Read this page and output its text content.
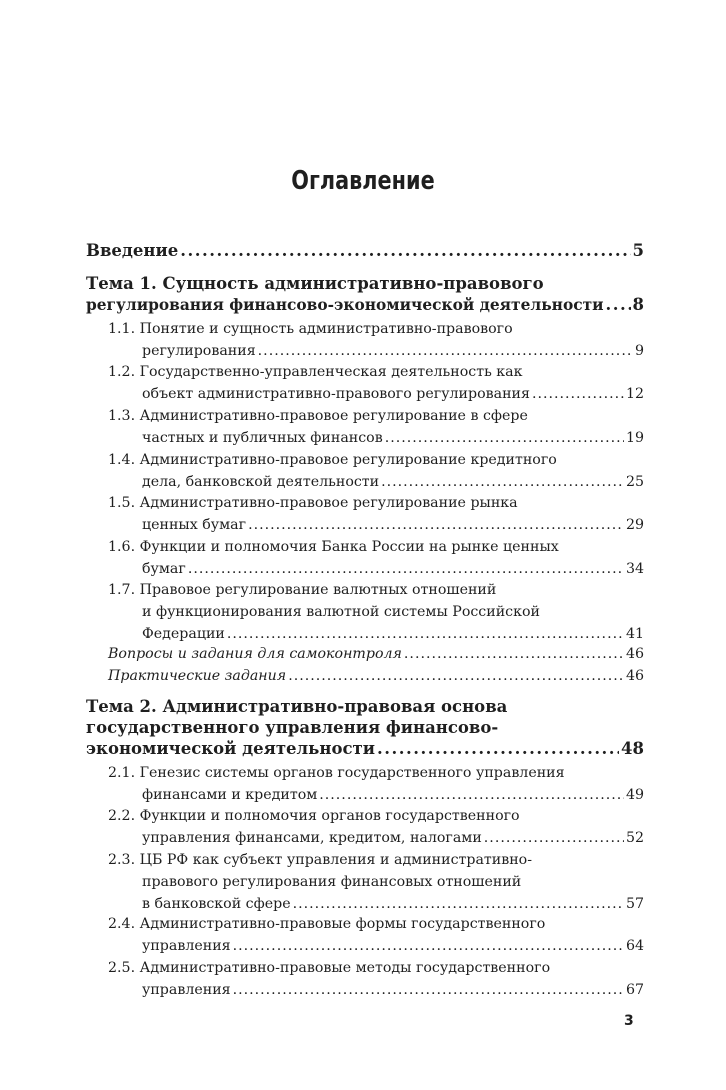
Оглавление
Введение .....	5
Тема 1. Сущность административно-правового
регулирования финансово-экономической деятельности ..... 8
1.1. Понятие и сущность административно-правового
регулирования .....	9
1.2. Государственно-управленческая деятельность как
объект административно-правового регулирования .....	12
1.3. Административно-правовое регулирование в сфере
частных и публичных финансов .....	19
1.4. Административно-правовое регулирование кредитного
дела, банковской деятельности .....	25
1.5. Административно-правовое регулирование рынка
ценных бумаг .....	29
1.6. Функции и полномочия Банка России на рынке ценных
бумаг .....	34
1.7. Правовое регулирование валютных отношений
и функционирования валютной системы Российской
Федерации .....	41
Вопросы и задания для самоконтроля .....	46
Практические задания .....	46
Тема 2. Административно-правовая основа
государственного управления финансово-
экономической деятельности .....	48
2.1. Генезис системы органов государственного управления
финансами и кредитом .....	49
2.2. Функции и полномочия органов государственного
управления финансами, кредитом, налогами .....	52
2.3. ЦБ РФ как субъект управления и административно-
правового регулирования финансовых отношений
в банковской сфере .....	57
2.4. Административно-правовые формы государственного
управления .....	64
2.5. Административно-правовые методы государственного
управления .....	67
3
